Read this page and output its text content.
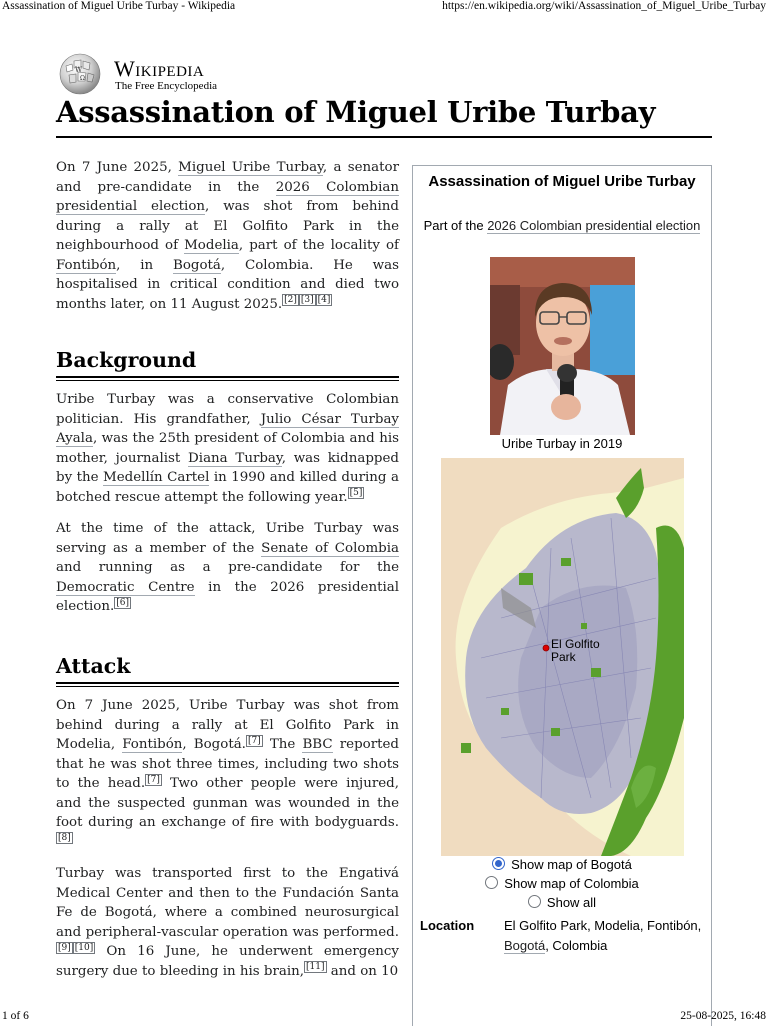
Assassination of Miguel Uribe Turbay - Wikipedia	https://en.wikipedia.org/wiki/Assassination_of_Miguel_Uribe_Turbay
W
Ω Wikipedia
The Free Encyclopedia
Assassination of Miguel Uribe Turbay

On 7 June 2025, Miguel Uribe Turbay, a senator and pre-candidate in the 2026 Colombian presidential election, was shot from behind during a rally at El Golfito Park in the neighbourhood of Modelia, part of the locality of Fontibón, in Bogotá, Colombia. He was hospitalised in critical condition and died two months later, on 11 August 2025. [2] [3] [4]

Background

Uribe Turbay was a conservative Colombian politician. His grandfather, Julio César Turbay Ayala, was the 25th president of Colombia and his mother, journalist Diana Turbay, was kidnapped by the Medellín Cartel in 1990 and killed during a botched rescue attempt the following year. [5]

At the time of the attack, Uribe Turbay was serving as a member of the Senate of Colombia and running as a pre-candidate for the Democratic Centre in the 2026 presidential election. [6]

Attack

On 7 June 2025, Uribe Turbay was shot from behind during a rally at El Golfito Park in Modelia, Fontibón, Bogotá. [7] The BBC reported that he was shot three times, including two shots to the head. [7] Two other people were injured, and the suspected gunman was wounded in the foot during an exchange of fire with bodyguards.[8]

Turbay was transported first to the Engativá Medical Center and then to the Fundación Santa Fe de Bogotá, where a combined neurosurgical and peripheral-vascular operation was performed.[9] [10] On 16 June, he underwent emergency surgery due to bleeding in his brain, [11] and on 10

Assassination of Miguel Uribe Turbay
Part of the 2026 Colombian presidential election
Uribe Turbay in 2019
El Golfito Park
Show map of Bogotá
Show map of Colombia
Show all
Location El Golfito Park, Modelia, Fontibón, Bogotá, Colombia
1 of 6	25-08-2025, 16:48
